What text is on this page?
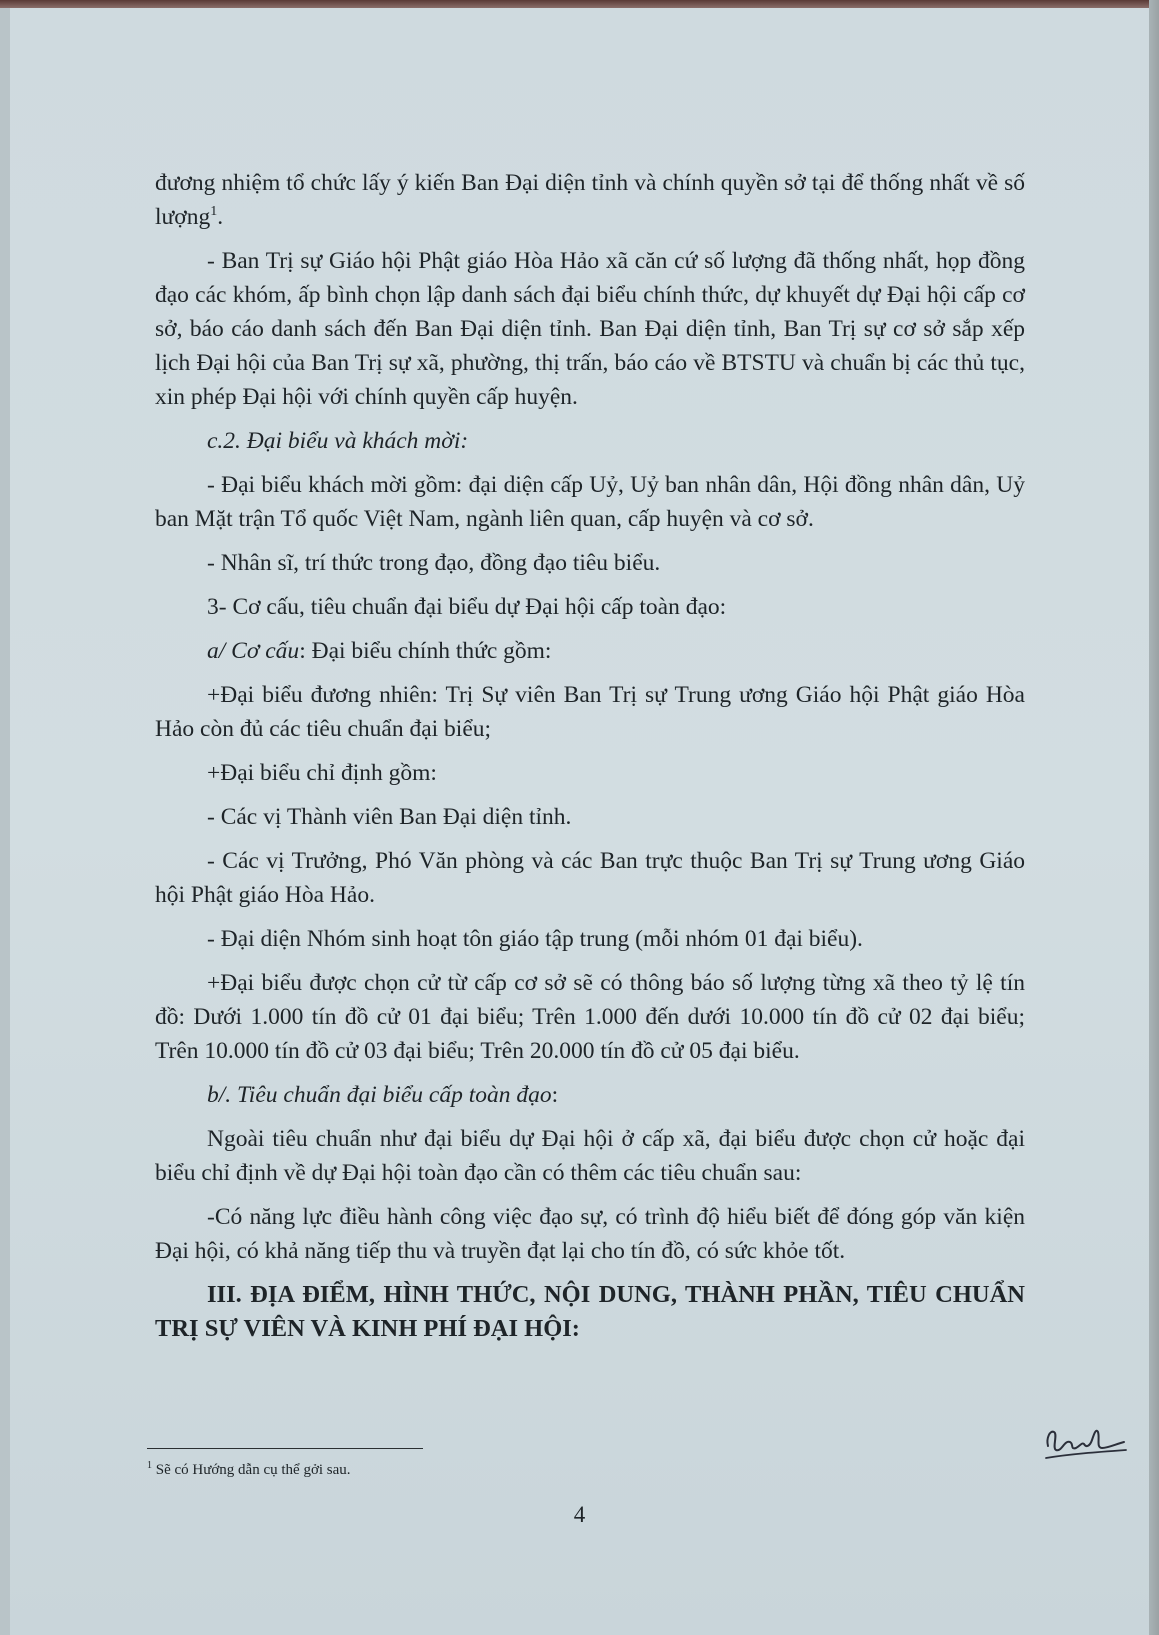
đương nhiệm tổ chức lấy ý kiến Ban Đại diện tỉnh và chính quyền sở tại để thống nhất về số lượng$^1$.

- Ban Trị sự Giáo hội Phật giáo Hòa Hảo xã căn cứ số lượng đã thống nhất, họp đồng đạo các khóm, ấp bình chọn lập danh sách đại biểu chính thức, dự khuyết dự Đại hội cấp cơ sở, báo cáo danh sách đến Ban Đại diện tỉnh. Ban Đại diện tỉnh, Ban Trị sự cơ sở sắp xếp lịch Đại hội của Ban Trị sự xã, phường, thị trấn, báo cáo về BTSTU và chuẩn bị các thủ tục, xin phép Đại hội với chính quyền cấp huyện.

c.2. Đại biểu và khách mời:

- Đại biểu khách mời gồm: đại diện cấp Uỷ, Uỷ ban nhân dân, Hội đồng nhân dân, Uỷ ban Mặt trận Tổ quốc Việt Nam, ngành liên quan, cấp huyện và cơ sở.

- Nhân sĩ, trí thức trong đạo, đồng đạo tiêu biểu.

3- Cơ cấu, tiêu chuẩn đại biểu dự Đại hội cấp toàn đạo:

a/ Cơ cấu: Đại biểu chính thức gồm:

+Đại biểu đương nhiên: Trị Sự viên Ban Trị sự Trung ương Giáo hội Phật giáo Hòa Hảo còn đủ các tiêu chuẩn đại biểu;

+Đại biểu chỉ định gồm:

- Các vị Thành viên Ban Đại diện tỉnh.

- Các vị Trưởng, Phó Văn phòng và các Ban trực thuộc Ban Trị sự Trung ương Giáo hội Phật giáo Hòa Hảo.

- Đại diện Nhóm sinh hoạt tôn giáo tập trung (mỗi nhóm 01 đại biểu).

+Đại biểu được chọn cử từ cấp cơ sở sẽ có thông báo số lượng từng xã theo tỷ lệ tín đồ: Dưới 1.000 tín đồ cử 01 đại biểu; Trên 1.000 đến dưới 10.000 tín đồ cử 02 đại biểu; Trên 10.000 tín đồ cử 03 đại biểu; Trên 20.000 tín đồ cử 05 đại biểu.

b/. Tiêu chuẩn đại biểu cấp toàn đạo:

Ngoài tiêu chuẩn như đại biểu dự Đại hội ở cấp xã, đại biểu được chọn cử hoặc đại biểu chỉ định về dự Đại hội toàn đạo cần có thêm các tiêu chuẩn sau:

-Có năng lực điều hành công việc đạo sự, có trình độ hiểu biết để đóng góp văn kiện Đại hội, có khả năng tiếp thu và truyền đạt lại cho tín đồ, có sức khỏe tốt.

III. ĐỊA ĐIỂM, HÌNH THỨC, NỘI DUNG, THÀNH PHẦN, TIÊU CHUẨN TRỊ SỰ VIÊN VÀ KINH PHÍ ĐẠI HỘI:

$^1$ Sẽ có Hướng dẫn cụ thể gởi sau.
4
